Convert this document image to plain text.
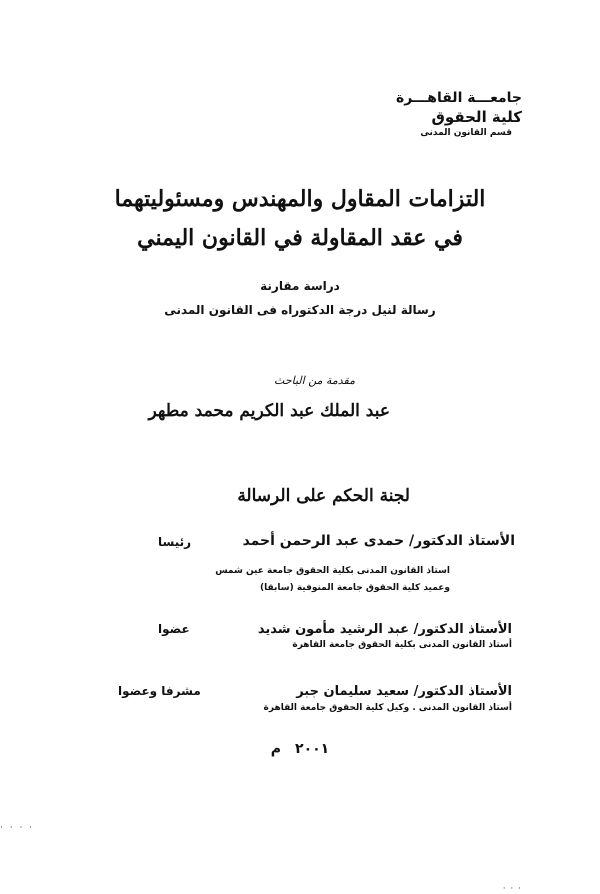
جامعـــة القاهـــرة
كلية الحقوق
قسم القانون المدنى
التزامات المقاول والمهندس ومسئوليتهما
في عقد المقاولة في القانون اليمني
دراسة مقارنة
رسالة لنيل درجة الدكتوراه فى القانون المدنى
مقدمة من الباحث
عبد الملك عبد الكريم محمد مطهر
لجنة الحكم على الرسالة
الأستاذ الدكتور/ حمدى عبد الرحمن أحمد
رئيسا
استاذ القانون المدنى بكلية الحقوق جامعة عين شمس
وعميد كلية الحقوق جامعة المنوفية (سابقا)
الأستاذ الدكتور/ عبد الرشيد مأمون شديد
عضوا
أستاذ القانون المدنى بكلية الحقوق جامعة القاهرة
الأستاذ الدكتور/ سعيد سليمان جبر
مشرفا وعضوا
أستاذ القانون المدنى . وكيل كلية الحقوق جامعة القاهرة
٢٠٠١م
· · · ·
· · ·
